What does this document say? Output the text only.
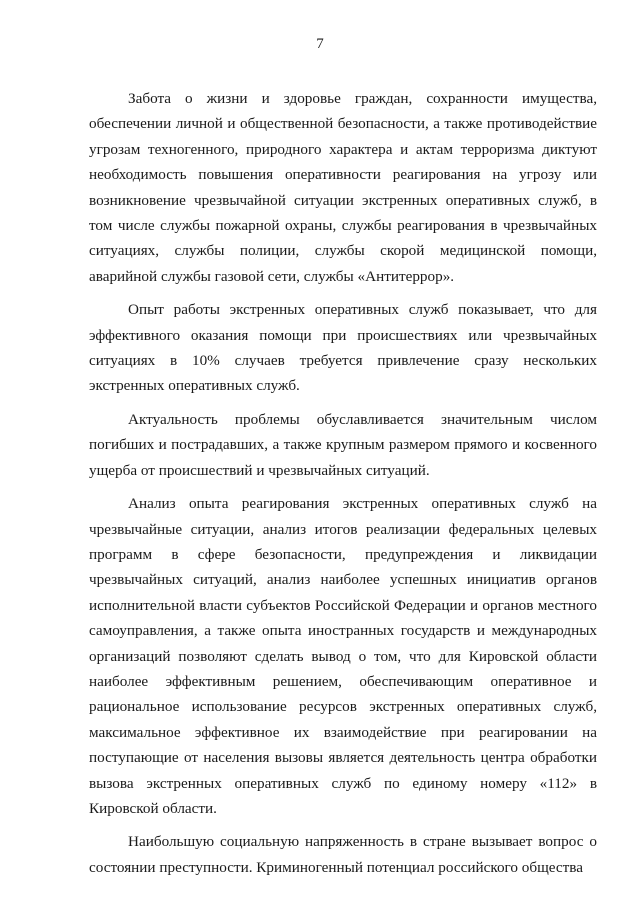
7

Забота о жизни и здоровье граждан, сохранности имущества, обеспечении личной и общественной безопасности, а также противодействие угрозам техногенного, природного характера и актам терроризма диктуют необходимость повышения оперативности реагирования на угрозу или возникновение чрезвычайной ситуации экстренных оперативных служб, в том числе службы пожарной охраны, службы реагирования в чрезвычайных ситуациях, службы полиции, службы скорой медицинской помощи, аварийной службы газовой сети, службы «Антитеррор».

Опыт работы экстренных оперативных служб показывает, что для эффективного оказания помощи при происшествиях или чрезвычайных ситуациях в 10% случаев требуется привлечение сразу нескольких экстренных оперативных служб.

Актуальность проблемы обуславливается значительным числом погибших и пострадавших, а также крупным размером прямого и косвенного ущерба от происшествий и чрезвычайных ситуаций.

Анализ опыта реагирования экстренных оперативных служб на чрезвычайные ситуации, анализ итогов реализации федеральных целевых программ в сфере безопасности, предупреждения и ликвидации чрезвычайных ситуаций, анализ наиболее успешных инициатив органов исполнительной власти субъектов Российской Федерации и органов местного самоуправления, а также опыта иностранных государств и международных организаций позволяют сделать вывод о том, что для Кировской области наиболее эффективным решением, обеспечивающим оперативное и рациональное использование ресурсов экстренных оперативных служб, максимальное эффективное их взаимодействие при реагировании на поступающие от населения вызовы является деятельность центра обработки вызова экстренных оперативных служб по единому номеру «112» в Кировской области.

Наибольшую социальную напряженность в стране вызывает вопрос о состоянии преступности. Криминогенный потенциал российского общества
